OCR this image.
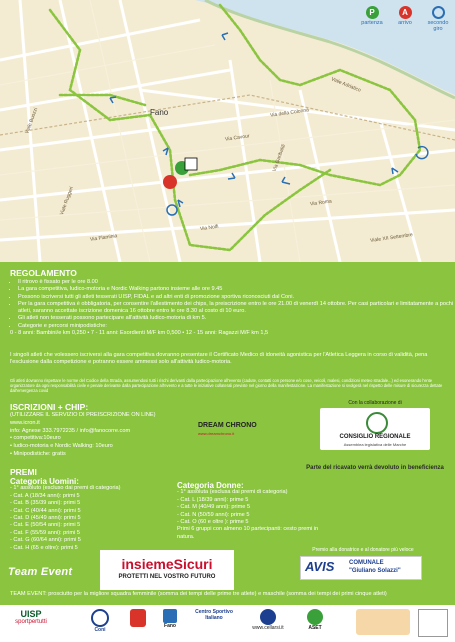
Fano
Viale Buozzi
Viale Ruggeri
Via Cavour
Via Roma
Via Nolfi
Viale Adriatico
Via Garibaldi
Via Flaminia	Viale XII Settembre
Via della Colonna
P
partenza
A
arrivo	secondo giro
REGOLAMENTO
• Il ritrovo è fissato per le ore 8.00
• La gara competitiva, ludico-motoria e Nordic Walking partono insieme alle ore 9.45
• Possono iscriversi tutti gli atleti tesserati UISP, FIDAL e ad altri enti di promozione sportiva riconosciuti dal Coni.
• Per la gara competitiva è obbligatoria, per consentire l'allestimento dei chips, la preiscrizione entro le ore 21.00 di venerdì 14 ottobre. Per casi particolari e limitatamente a pochi atleti, saranno accettate iscrizione domenica 16 ottobre entro le ore 8.30 al costo di 10 euro.
• Gli atleti non tesserati possono partecipare all'attività ludico-motoria di km 5.
• Categorie e percorsi minipodistiche:
0 - 8 anni: Bambini/e km 0,250 • 7 - 11 anni: Esordienti M/F km 0,500 • 12 - 15 anni: Ragazzi M/F km 1,5
I singoli atleti che volessero iscriversi alla gara competitiva dovranno presentare il Certificato Medico di idoneità agonistica per l'Atletica Leggera in corso di validità, pena l'esclusione dalla competizione e potranno essere ammessi solo all'attività ludico-motoria.
Gli atleti dovranno rispettare le norme del Codice della Strada, assumendosi tutti i rischi derivanti dalla partecipazione all'evento (cadute, contatti con persone e/o cose, veicoli, malesi, condizioni meteo stradale...) ed esonerando l'ente organizzatore da ogni responsabilità civile e penale derivante dalla partecipazione all'evento e a tutte le iniziative collaterali previste nel giorno della manifestazione. La manifestazione si svolgerà nel rispetto delle misure di sicurezza dettate dall'emergenza covid
ISCRIZIONI + CHIP:
(UTILIZZARE IL SERVIZIO DI PREISCRIZIONE ON LINE)
www.icron.it
info: Agnese 333.7972235 / info@fanocorre.com
• competitiva:10euro
• ludico-motoria e Nordic Walking: 10euro
• Minipodistiche: gratis
DREAM CHRONO
www.dreamchrono.it
Con la collaborazione di
CONSIGLIO REGIONALE
Assemblea legislativa delle Marche
Parte del ricavato verrà devoluto in beneficienza
PREMI
Categoria Uomini:
- 1° assoluto (escluso dai premi di categoria)
- Cat. A (18/34 anni): primi 5
- Cat. B (35/39 anni): primi 5
- Cat. C (40/44 anni): primi 5
- Cat. D (45/49 anni): primi 5
- Cat. E (50/54 anni): primi 5
- Cat. F (55/59 anni): primi 5
- Cat. G (60/64 anni): primi 5
- Cat. H (65 e oltre): primi 5
Categoria Donne:
- 1° assoluta (esclusa dai premi di categoria)
- Cat. L (18/39 anni): prime 5
- Cat. M (40/49 anni): prime 5
- Cat. N (50/59 anni): prime 5
- Cat. O (60 e oltre ): prime 5
Primi 6 gruppi con almeno 10 partecipanti: cesto premi in natura.
Team Event	insiemeSicuri
PROTETTI NEL VOSTRO FUTURO
Premio alla donatrice e al donatore più veloce
AVIS COMUNALE
"Giuliano Solazzi"
TEAM EVENT: prosciutto per la migliore squadra femminile (somma dei tempi delle prime tre atlete) e maschile (somma dei tempi dei primi cinque atleti)
UISP
sportpertutti
Coni
Fano
Centro Sportivo Italiano
www.cellarsi.it	ASET
